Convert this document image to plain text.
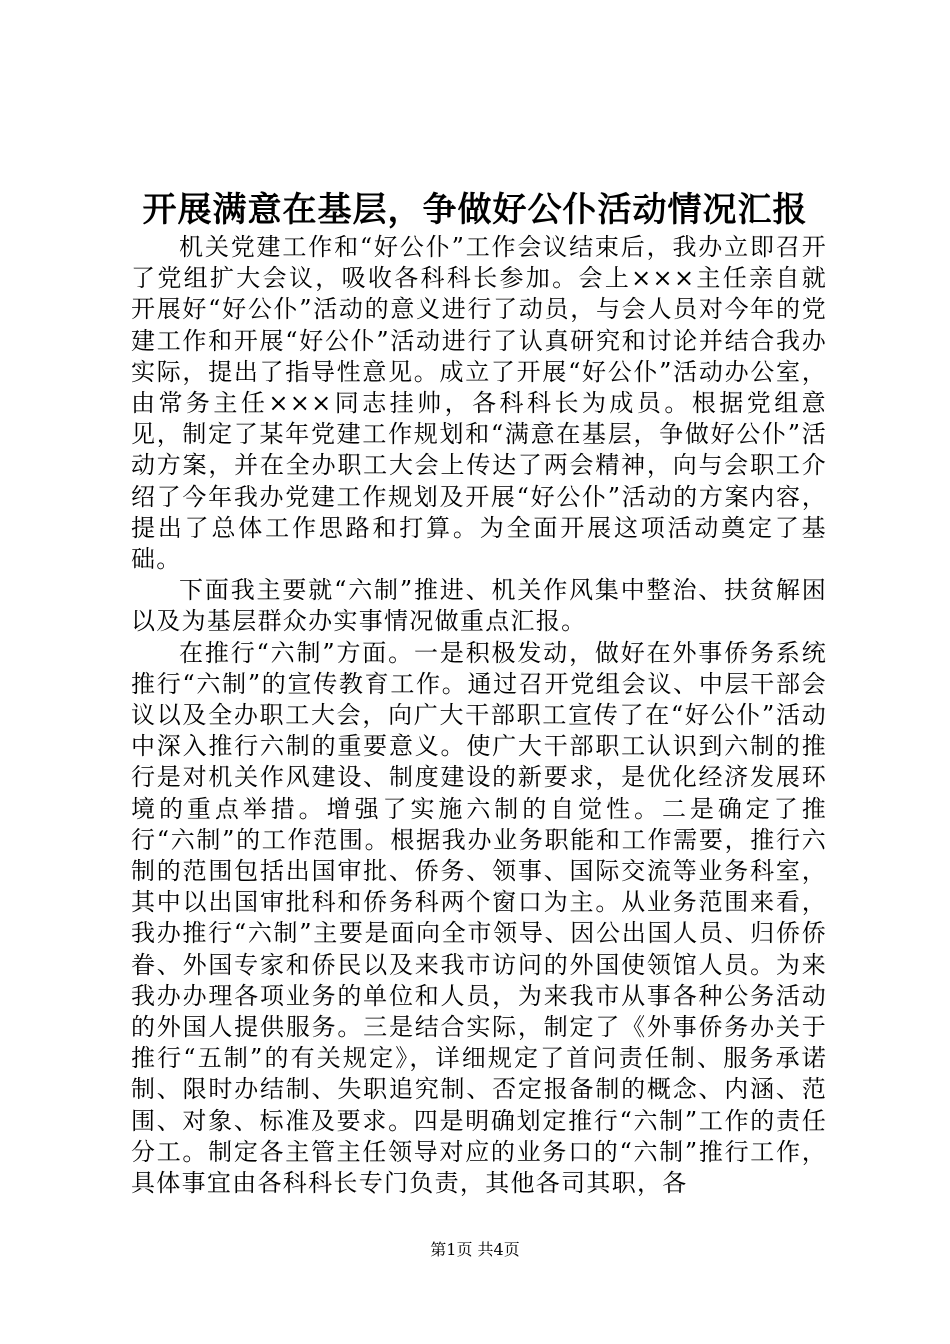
开展满意在基层，争做好公仆活动情况汇报

机关党建工作和“好公仆”工作会议结束后，我办立即召开了党组扩大会议，吸收各科科长参加。会上×××主任亲自就开展好“好公仆”活动的意义进行了动员，与会人员对今年的党建工作和开展“好公仆”活动进行了认真研究和讨论并结合我办实际，提出了指导性意见。成立了开展“好公仆”活动办公室，由常务主任×××同志挂帅，各科科长为成员。根据党组意见，制定了某年党建工作规划和“满意在基层，争做好公仆”活动方案，并在全办职工大会上传达了两会精神，向与会职工介绍了今年我办党建工作规划及开展“好公仆”活动的方案内容，提出了总体工作思路和打算。为全面开展这项活动奠定了基础。

下面我主要就“六制”推进、机关作风集中整治、扶贫解困以及为基层群众办实事情况做重点汇报。

在推行“六制”方面。一是积极发动，做好在外事侨务系统推行“六制”的宣传教育工作。通过召开党组会议、中层干部会议以及全办职工大会，向广大干部职工宣传了在“好公仆”活动中深入推行六制的重要意义。使广大干部职工认识到六制的推行是对机关作风建设、制度建设的新要求，是优化经济发展环境的重点举措。增强了实施六制的自觉性。二是确定了推行“六制”的工作范围。根据我办业务职能和工作需要，推行六制的范围包括出国审批、侨务、领事、国际交流等业务科室，其中以出国审批科和侨务科两个窗口为主。从业务范围来看，我办推行“六制”主要是面向全市领导、因公出国人员、归侨侨眷、外国专家和侨民以及来我市访问的外国使领馆人员。为来我办办理各项业务的单位和人员，为来我市从事各种公务活动的外国人提供服务。三是结合实际，制定了《外事侨务办关于推行“五制”的有关规定》，详细规定了首问责任制、服务承诺制、限时办结制、失职追究制、否定报备制的概念、内涵、范围、对象、标准及要求。四是明确划定推行“六制”工作的责任分工。制定各主管主任领导对应的业务口的“六制”推行工作，具体事宜由各科科长专门负责，其他各司其职，各

第1页 共4页
